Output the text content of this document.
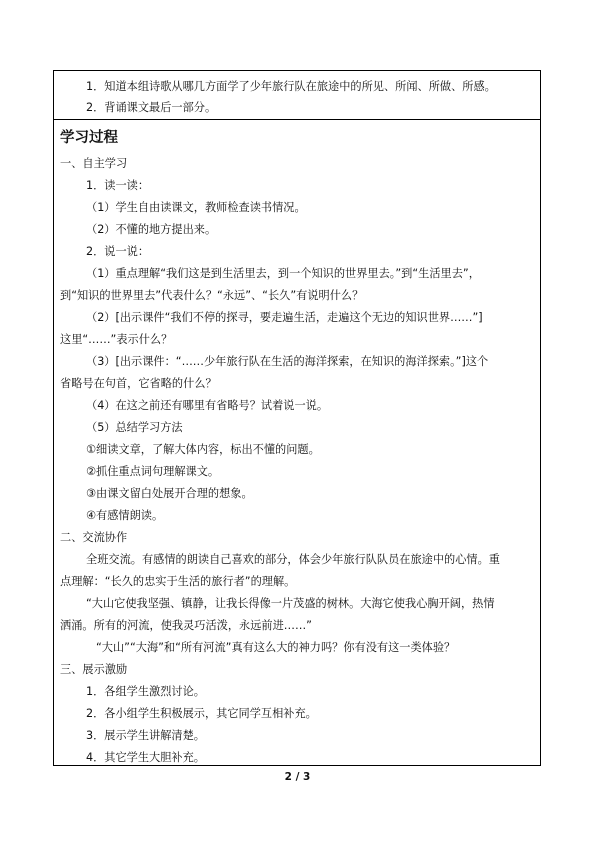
1．知道本组诗歌从哪几方面学了少年旅行队在旅途中的所见、所闻、所做、所感。
2．背诵课文最后一部分。
学习过程
一、自主学习
1．读一读：
（1）学生自由读课文，教师检查读书情况。
（2）不懂的地方提出来。
2．说一说：
（1）重点理解“我们这是到生活里去，到一个知识的世界里去。”到“生活里去”，
到“知识的世界里去”代表什么？“永远”、“长久”有说明什么？
（2）[出示课件“我们不停的探寻，要走遍生活，走遍这个无边的知识世界……”]
这里“……”表示什么？
（3）[出示课件：“……少年旅行队在生活的海洋探索，在知识的海洋探索。”]这个
省略号在句首，它省略的什么？
（4）在这之前还有哪里有省略号？试着说一说。
（5）总结学习方法
①细读文章，了解大体内容，标出不懂的问题。
②抓住重点词句理解课文。
③由课文留白处展开合理的想象。
④有感情朗读。
二、交流协作
全班交流。有感情的朗读自己喜欢的部分，体会少年旅行队队员在旅途中的心情。重
点理解：“长久的忠实于生活的旅行者”的理解。
“大山它使我坚强、镇静，让我长得像一片茂盛的树林。大海它使我心胸开阔，热情
洒涌。所有的河流，使我灵巧活泼，永远前进……”
“大山”“大海”和“所有河流”真有这么大的神力吗？你有没有这一类体验？
三、展示激励
1．各组学生激烈讨论。
2．各小组学生积极展示，其它同学互相补充。
3．展示学生讲解清楚。
4．其它学生大胆补充。
2 / 3
